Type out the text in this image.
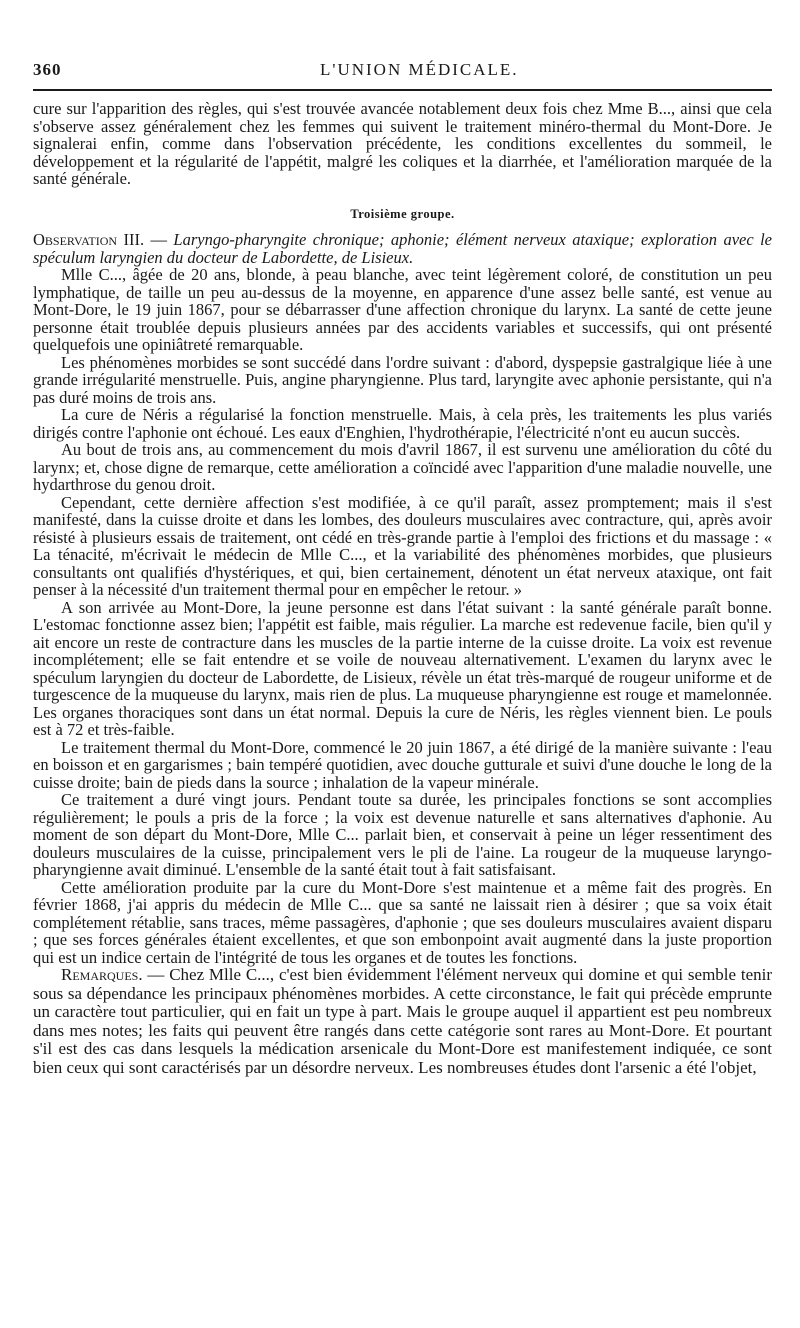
360	L'UNION MÉDICALE.

cure sur l'apparition des règles, qui s'est trouvée avancée notablement deux fois chez Mme B..., ainsi que cela s'observe assez généralement chez les femmes qui suivent le traitement minéro-thermal du Mont-Dore. Je signalerai enfin, comme dans l'observation précédente, les conditions excellentes du sommeil, le développement et la régularité de l'appétit, malgré les coliques et la diarrhée, et l'amélioration marquée de la santé générale.

Troisième groupe.

Observation III. — Laryngo-pharyngite chronique; aphonie; élément nerveux ataxique; exploration avec le spéculum laryngien du docteur de Labordette, de Lisieux.

Mlle C..., âgée de 20 ans, blonde, à peau blanche, avec teint légèrement coloré, de constitution un peu lymphatique, de taille un peu au-dessus de la moyenne, en apparence d'une assez belle santé, est venue au Mont-Dore, le 19 juin 1867, pour se débarrasser d'une affection chronique du larynx. La santé de cette jeune personne était troublée depuis plusieurs années par des accidents variables et successifs, qui ont présenté quelquefois une opiniâtreté remarquable.

Les phénomènes morbides se sont succédé dans l'ordre suivant : d'abord, dyspepsie gastralgique liée à une grande irrégularité menstruelle. Puis, angine pharyngienne. Plus tard, laryngite avec aphonie persistante, qui n'a pas duré moins de trois ans.

La cure de Néris a régularisé la fonction menstruelle. Mais, à cela près, les traitements les plus variés dirigés contre l'aphonie ont échoué. Les eaux d'Enghien, l'hydrothérapie, l'électricité n'ont eu aucun succès.

Au bout de trois ans, au commencement du mois d'avril 1867, il est survenu une amélioration du côté du larynx; et, chose digne de remarque, cette amélioration a coïncidé avec l'apparition d'une maladie nouvelle, une hydarthrose du genou droit.

Cependant, cette dernière affection s'est modifiée, à ce qu'il paraît, assez promptement; mais il s'est manifesté, dans la cuisse droite et dans les lombes, des douleurs musculaires avec contracture, qui, après avoir résisté à plusieurs essais de traitement, ont cédé en très-grande partie à l'emploi des frictions et du massage : « La ténacité, m'écrivait le médecin de Mlle C..., et la variabilité des phénomènes morbides, que plusieurs consultants ont qualifiés d'hystériques, et qui, bien certainement, dénotent un état nerveux ataxique, ont fait penser à la nécessité d'un traitement thermal pour en empêcher le retour. »

A son arrivée au Mont-Dore, la jeune personne est dans l'état suivant : la santé générale paraît bonne. L'estomac fonctionne assez bien; l'appétit est faible, mais régulier. La marche est redevenue facile, bien qu'il y ait encore un reste de contracture dans les muscles de la partie interne de la cuisse droite. La voix est revenue incomplétement; elle se fait entendre et se voile de nouveau alternativement. L'examen du larynx avec le spéculum laryngien du docteur de Labordette, de Lisieux, révèle un état très-marqué de rougeur uniforme et de turgescence de la muqueuse du larynx, mais rien de plus. La muqueuse pharyngienne est rouge et mamelonnée. Les organes thoraciques sont dans un état normal. Depuis la cure de Néris, les règles viennent bien. Le pouls est à 72 et très-faible.

Le traitement thermal du Mont-Dore, commencé le 20 juin 1867, a été dirigé de la manière suivante : l'eau en boisson et en gargarismes ; bain tempéré quotidien, avec douche gutturale et suivi d'une douche le long de la cuisse droite; bain de pieds dans la source ; inhalation de la vapeur minérale.

Ce traitement a duré vingt jours. Pendant toute sa durée, les principales fonctions se sont accomplies régulièrement; le pouls a pris de la force ; la voix est devenue naturelle et sans alternatives d'aphonie. Au moment de son départ du Mont-Dore, Mlle C... parlait bien, et conservait à peine un léger ressentiment des douleurs musculaires de la cuisse, principalement vers le pli de l'aine. La rougeur de la muqueuse laryngo-pharyngienne avait diminué. L'ensemble de la santé était tout à fait satisfaisant.

Cette amélioration produite par la cure du Mont-Dore s'est maintenue et a même fait des progrès. En février 1868, j'ai appris du médecin de Mlle C... que sa santé ne laissait rien à désirer ; que sa voix était complétement rétablie, sans traces, même passagères, d'aphonie ; que ses douleurs musculaires avaient disparu ; que ses forces générales étaient excellentes, et que son embonpoint avait augmenté dans la juste proportion qui est un indice certain de l'intégrité de tous les organes et de toutes les fonctions.

Remarques. — Chez Mlle C..., c'est bien évidemment l'élément nerveux qui domine et qui semble tenir sous sa dépendance les principaux phénomènes morbides. A cette circonstance, le fait qui précède emprunte un caractère tout particulier, qui en fait un type à part. Mais le groupe auquel il appartient est peu nombreux dans mes notes; les faits qui peuvent être rangés dans cette catégorie sont rares au Mont-Dore. Et pourtant s'il est des cas dans lesquels la médication arsenicale du Mont-Dore est manifestement indiquée, ce sont bien ceux qui sont caractérisés par un désordre nerveux. Les nombreuses études dont l'arsenic a été l'objet,
